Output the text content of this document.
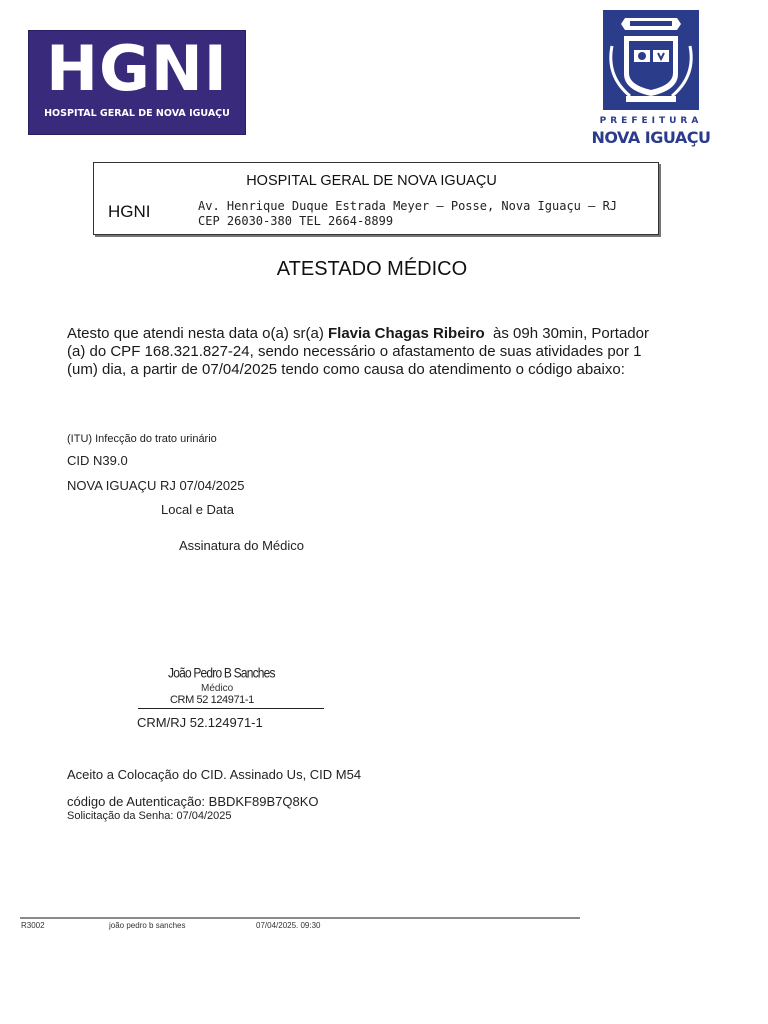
HGNI
HOSPITAL GERAL DE NOVA IGUAÇU
PREFEITURA
NOVA IGUAÇU
HOSPITAL GERAL DE NOVA IGUAÇU
HGNI	Av. Henrique Duque Estrada Meyer – Posse, Nova Iguaçu – RJ
CEP 26030-380 TEL 2664-8899
ATESTADO MÉDICO
Atesto que atendi nesta data o(a) sr(a) Flavia Chagas Ribeiro  às 09h 30min, Portador (a) do CPF 168.321.827-24, sendo necessário o afastamento de suas atividades por 1 (um) dia, a partir de 07/04/2025 tendo como causa do atendimento o código abaixo:
(ITU) Infecção do trato urinário
CID N39.0
NOVA IGUAÇU RJ 07/04/2025
Local e Data
Assinatura do Médico
João Pedro B Sanches
Médico
CRM 52 124971-1
CRM/RJ 52.124971-1
Aceito a Colocação do CID. Assinado Us, CID M54
código de Autenticação: BBDKF89B7Q8KO
Solicitação da Senha: 07/04/2025
R3002	joão pedro b sanches	07/04/2025. 09:30
